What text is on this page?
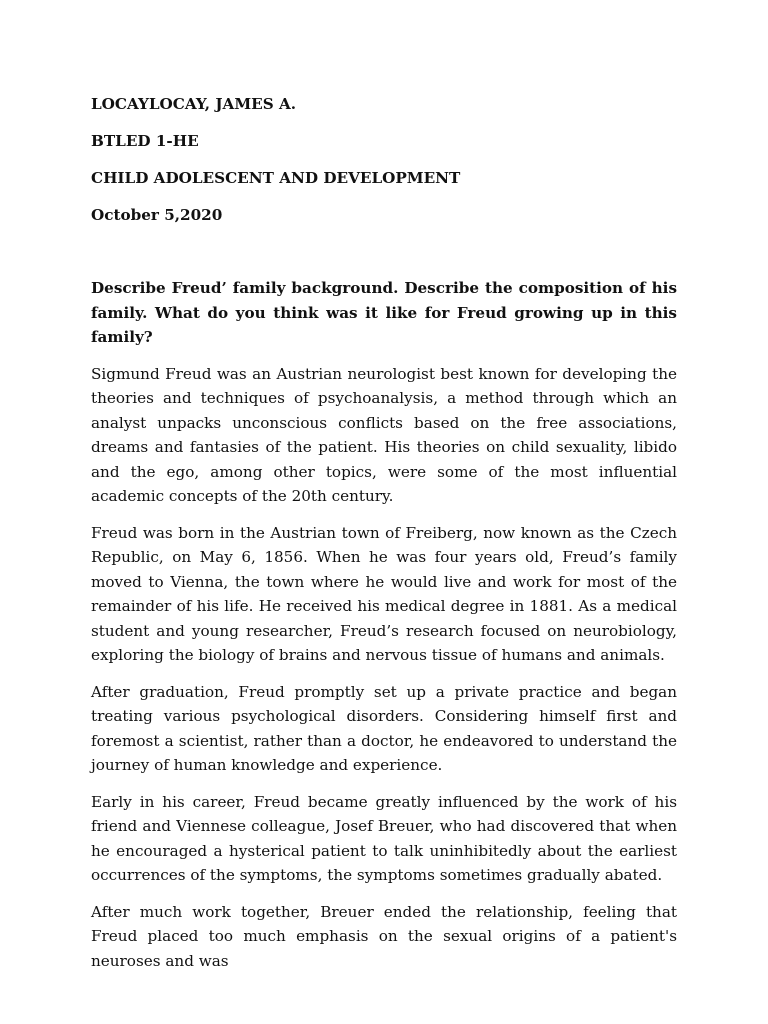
LOCAYLOCAY, JAMES A.
BTLED 1-HE
CHILD ADOLESCENT AND DEVELOPMENT
October 5,2020
Describe Freud’ family background. Describe the composition of his family. What do you think was it like for Freud growing up in this family?

Sigmund Freud was an Austrian neurologist best known for developing the theories and techniques of psychoanalysis, a method through which an analyst unpacks unconscious conflicts based on the free associations, dreams and fantasies of the patient. His theories on child sexuality, libido and the ego, among other topics, were some of the most influential academic concepts of the 20th century.

Freud was born in the Austrian town of Freiberg, now known as the Czech Republic, on May 6, 1856. When he was four years old, Freud’s family moved to Vienna, the town where he would live and work for most of the remainder of his life. He received his medical degree in 1881. As a medical student and young researcher, Freud’s research focused on neurobiology, exploring the biology of brains and nervous tissue of humans and animals.

After graduation, Freud promptly set up a private practice and began treating various psychological disorders. Considering himself first and foremost a scientist, rather than a doctor, he endeavored to understand the journey of human knowledge and experience.

Early in his career, Freud became greatly influenced by the work of his friend and Viennese colleague, Josef Breuer, who had discovered that when he encouraged a hysterical patient to talk uninhibitedly about the earliest occurrences of the symptoms, the symptoms sometimes gradually abated.

After much work together, Breuer ended the relationship, feeling that Freud placed too much emphasis on the sexual origins of a patient's neuroses and was
